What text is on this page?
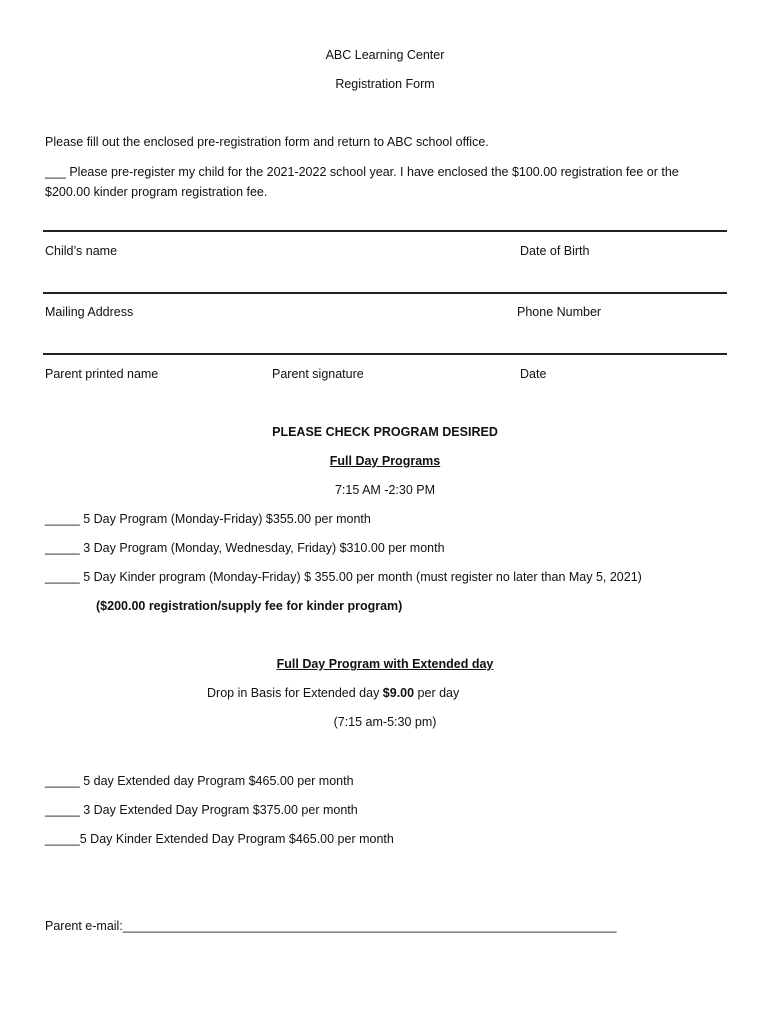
ABC Learning Center
Registration Form
Please fill out the enclosed pre-registration form and return to ABC school office.
___ Please pre-register my child for the 2021-2022 school year. I have enclosed the $100.00 registration fee or the $200.00 kinder program registration fee.
Child’s name	Date of Birth
Mailing Address	Phone Number
Parent printed name	Parent signature	Date
PLEASE CHECK PROGRAM DESIRED
Full Day Programs
7:15 AM -2:30 PM
_____ 5 Day Program (Monday-Friday) $355.00 per month
_____ 3 Day Program (Monday, Wednesday, Friday) $310.00 per month
_____ 5 Day Kinder program (Monday-Friday) $ 355.00 per month (must register no later than May 5, 2021)
($200.00 registration/supply fee for kinder program)
Full Day Program with Extended day
Drop in Basis for Extended day $9.00 per day
(7:15 am-5:30 pm)
_____ 5 day Extended day Program $465.00 per month
_____ 3 Day Extended Day Program $375.00 per month
_____5 Day Kinder Extended Day Program $465.00 per month
Parent e-mail:_______________________________________________________________________
